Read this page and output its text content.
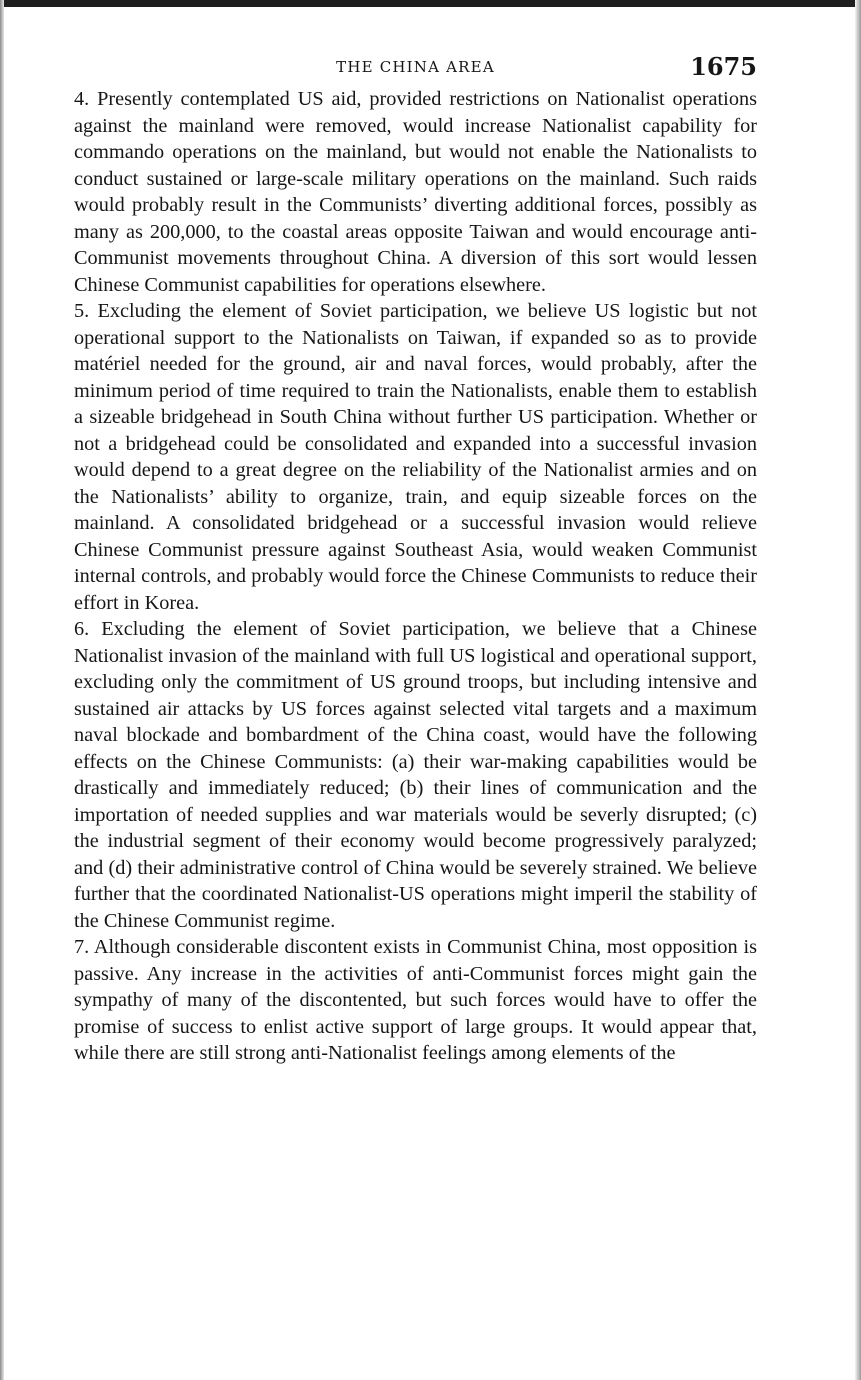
THE CHINA AREA	1675

4. Presently contemplated US aid, provided restrictions on Nationalist operations against the mainland were removed, would increase Nationalist capability for commando operations on the mainland, but would not enable the Nationalists to conduct sustained or large-scale military operations on the mainland. Such raids would probably result in the Communists’ diverting additional forces, possibly as many as 200,000, to the coastal areas opposite Taiwan and would encourage anti-Communist movements throughout China. A diversion of this sort would lessen Chinese Communist capabilities for operations elsewhere.

5. Excluding the element of Soviet participation, we believe US logistic but not operational support to the Nationalists on Taiwan, if expanded so as to provide matériel needed for the ground, air and naval forces, would probably, after the minimum period of time required to train the Nationalists, enable them to establish a sizeable bridgehead in South China without further US participation. Whether or not a bridgehead could be consolidated and expanded into a successful invasion would depend to a great degree on the reliability of the Nationalist armies and on the Nationalists’ ability to organize, train, and equip sizeable forces on the mainland. A consolidated bridgehead or a successful invasion would relieve Chinese Communist pressure against Southeast Asia, would weaken Communist internal controls, and probably would force the Chinese Communists to reduce their effort in Korea.

6. Excluding the element of Soviet participation, we believe that a Chinese Nationalist invasion of the mainland with full US logistical and operational support, excluding only the commitment of US ground troops, but including intensive and sustained air attacks by US forces against selected vital targets and a maximum naval blockade and bombardment of the China coast, would have the following effects on the Chinese Communists: (a) their war-making capabilities would be drastically and immediately reduced; (b) their lines of communication and the importation of needed supplies and war materials would be severly disrupted; (c) the industrial segment of their economy would become progressively paralyzed; and (d) their administrative control of China would be severely strained. We believe further that the coordinated Nationalist-US operations might imperil the stability of the Chinese Communist regime.

7. Although considerable discontent exists in Communist China, most opposition is passive. Any increase in the activities of anti-Communist forces might gain the sympathy of many of the discontented, but such forces would have to offer the promise of success to enlist active support of large groups. It would appear that, while there are still strong anti-Nationalist feelings among elements of the
